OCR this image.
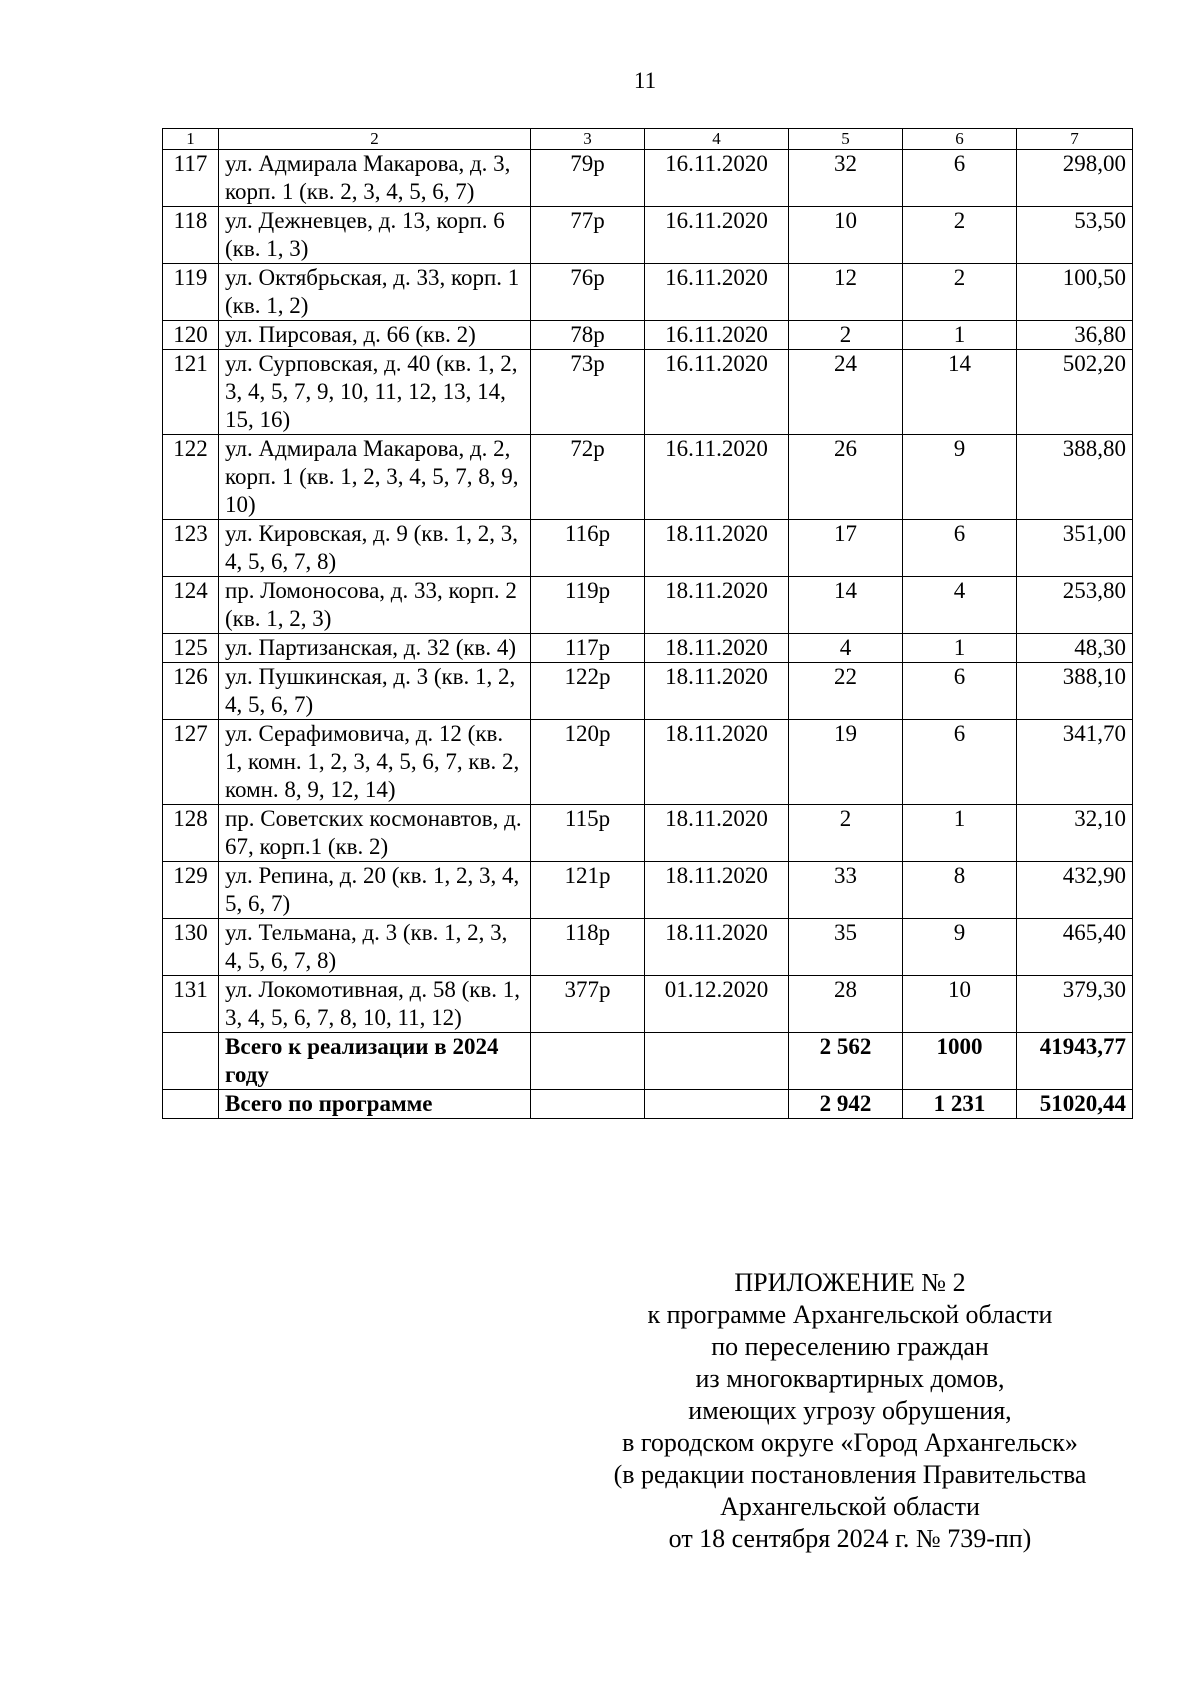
11
1	2	3	4	5	6	7
117	ул. Адмирала Макарова, д. 3, корп. 1 (кв. 2, 3, 4, 5, 6, 7)	79р	16.11.2020	32	6	298,00
118	ул. Дежневцев, д. 13, корп. 6 (кв. 1, 3)	77р	16.11.2020	10	2	53,50
119	ул. Октябрьская, д. 33, корп. 1 (кв. 1, 2)	76р	16.11.2020	12	2	100,50
120	ул. Пирсовая, д. 66 (кв. 2)	78р	16.11.2020	2	1	36,80
121	ул. Сурповская, д. 40 (кв. 1, 2, 3, 4, 5, 7, 9, 10, 11, 12, 13, 14, 15, 16)	73р	16.11.2020	24	14	502,20
122	ул. Адмирала Макарова, д. 2, корп. 1 (кв. 1, 2, 3, 4, 5, 7, 8, 9, 10)	72р	16.11.2020	26	9	388,80
123	ул. Кировская, д. 9 (кв. 1, 2, 3, 4, 5, 6, 7, 8)	116р	18.11.2020	17	6	351,00
124	пр. Ломоносова, д. 33, корп. 2 (кв. 1, 2, 3)	119р	18.11.2020	14	4	253,80
125	ул. Партизанская, д. 32 (кв. 4)	117р	18.11.2020	4	1	48,30
126	ул. Пушкинская, д. 3 (кв. 1, 2, 4, 5, 6, 7)	122р	18.11.2020	22	6	388,10
127	ул. Серафимовича, д. 12 (кв. 1, комн. 1, 2, 3, 4, 5, 6, 7, кв. 2, комн. 8, 9, 12, 14)	120р	18.11.2020	19	6	341,70
128	пр. Советских космонавтов, д. 67, корп.1 (кв. 2)	115р	18.11.2020	2	1	32,10
129	ул. Репина, д. 20 (кв. 1, 2, 3, 4, 5, 6, 7)	121р	18.11.2020	33	8	432,90
130	ул. Тельмана, д. 3 (кв. 1, 2, 3, 4, 5, 6, 7, 8)	118р	18.11.2020	35	9	465,40
131	ул. Локомотивная, д. 58 (кв. 1, 3, 4, 5, 6, 7, 8, 10, 11, 12)	377р	01.12.2020	28	10	379,30
	Всего к реализации в 2024 году			2 562	1000	41943,77
	Всего по программе			2 942	1 231	51020,44
ПРИЛОЖЕНИЕ № 2
к программе Архангельской области
по переселению граждан
из многоквартирных домов,
имеющих угрозу обрушения,
в городском округе «Город Архангельск»
(в редакции постановления Правительства
Архангельской области
от 18 сентября 2024 г. № 739-пп)
